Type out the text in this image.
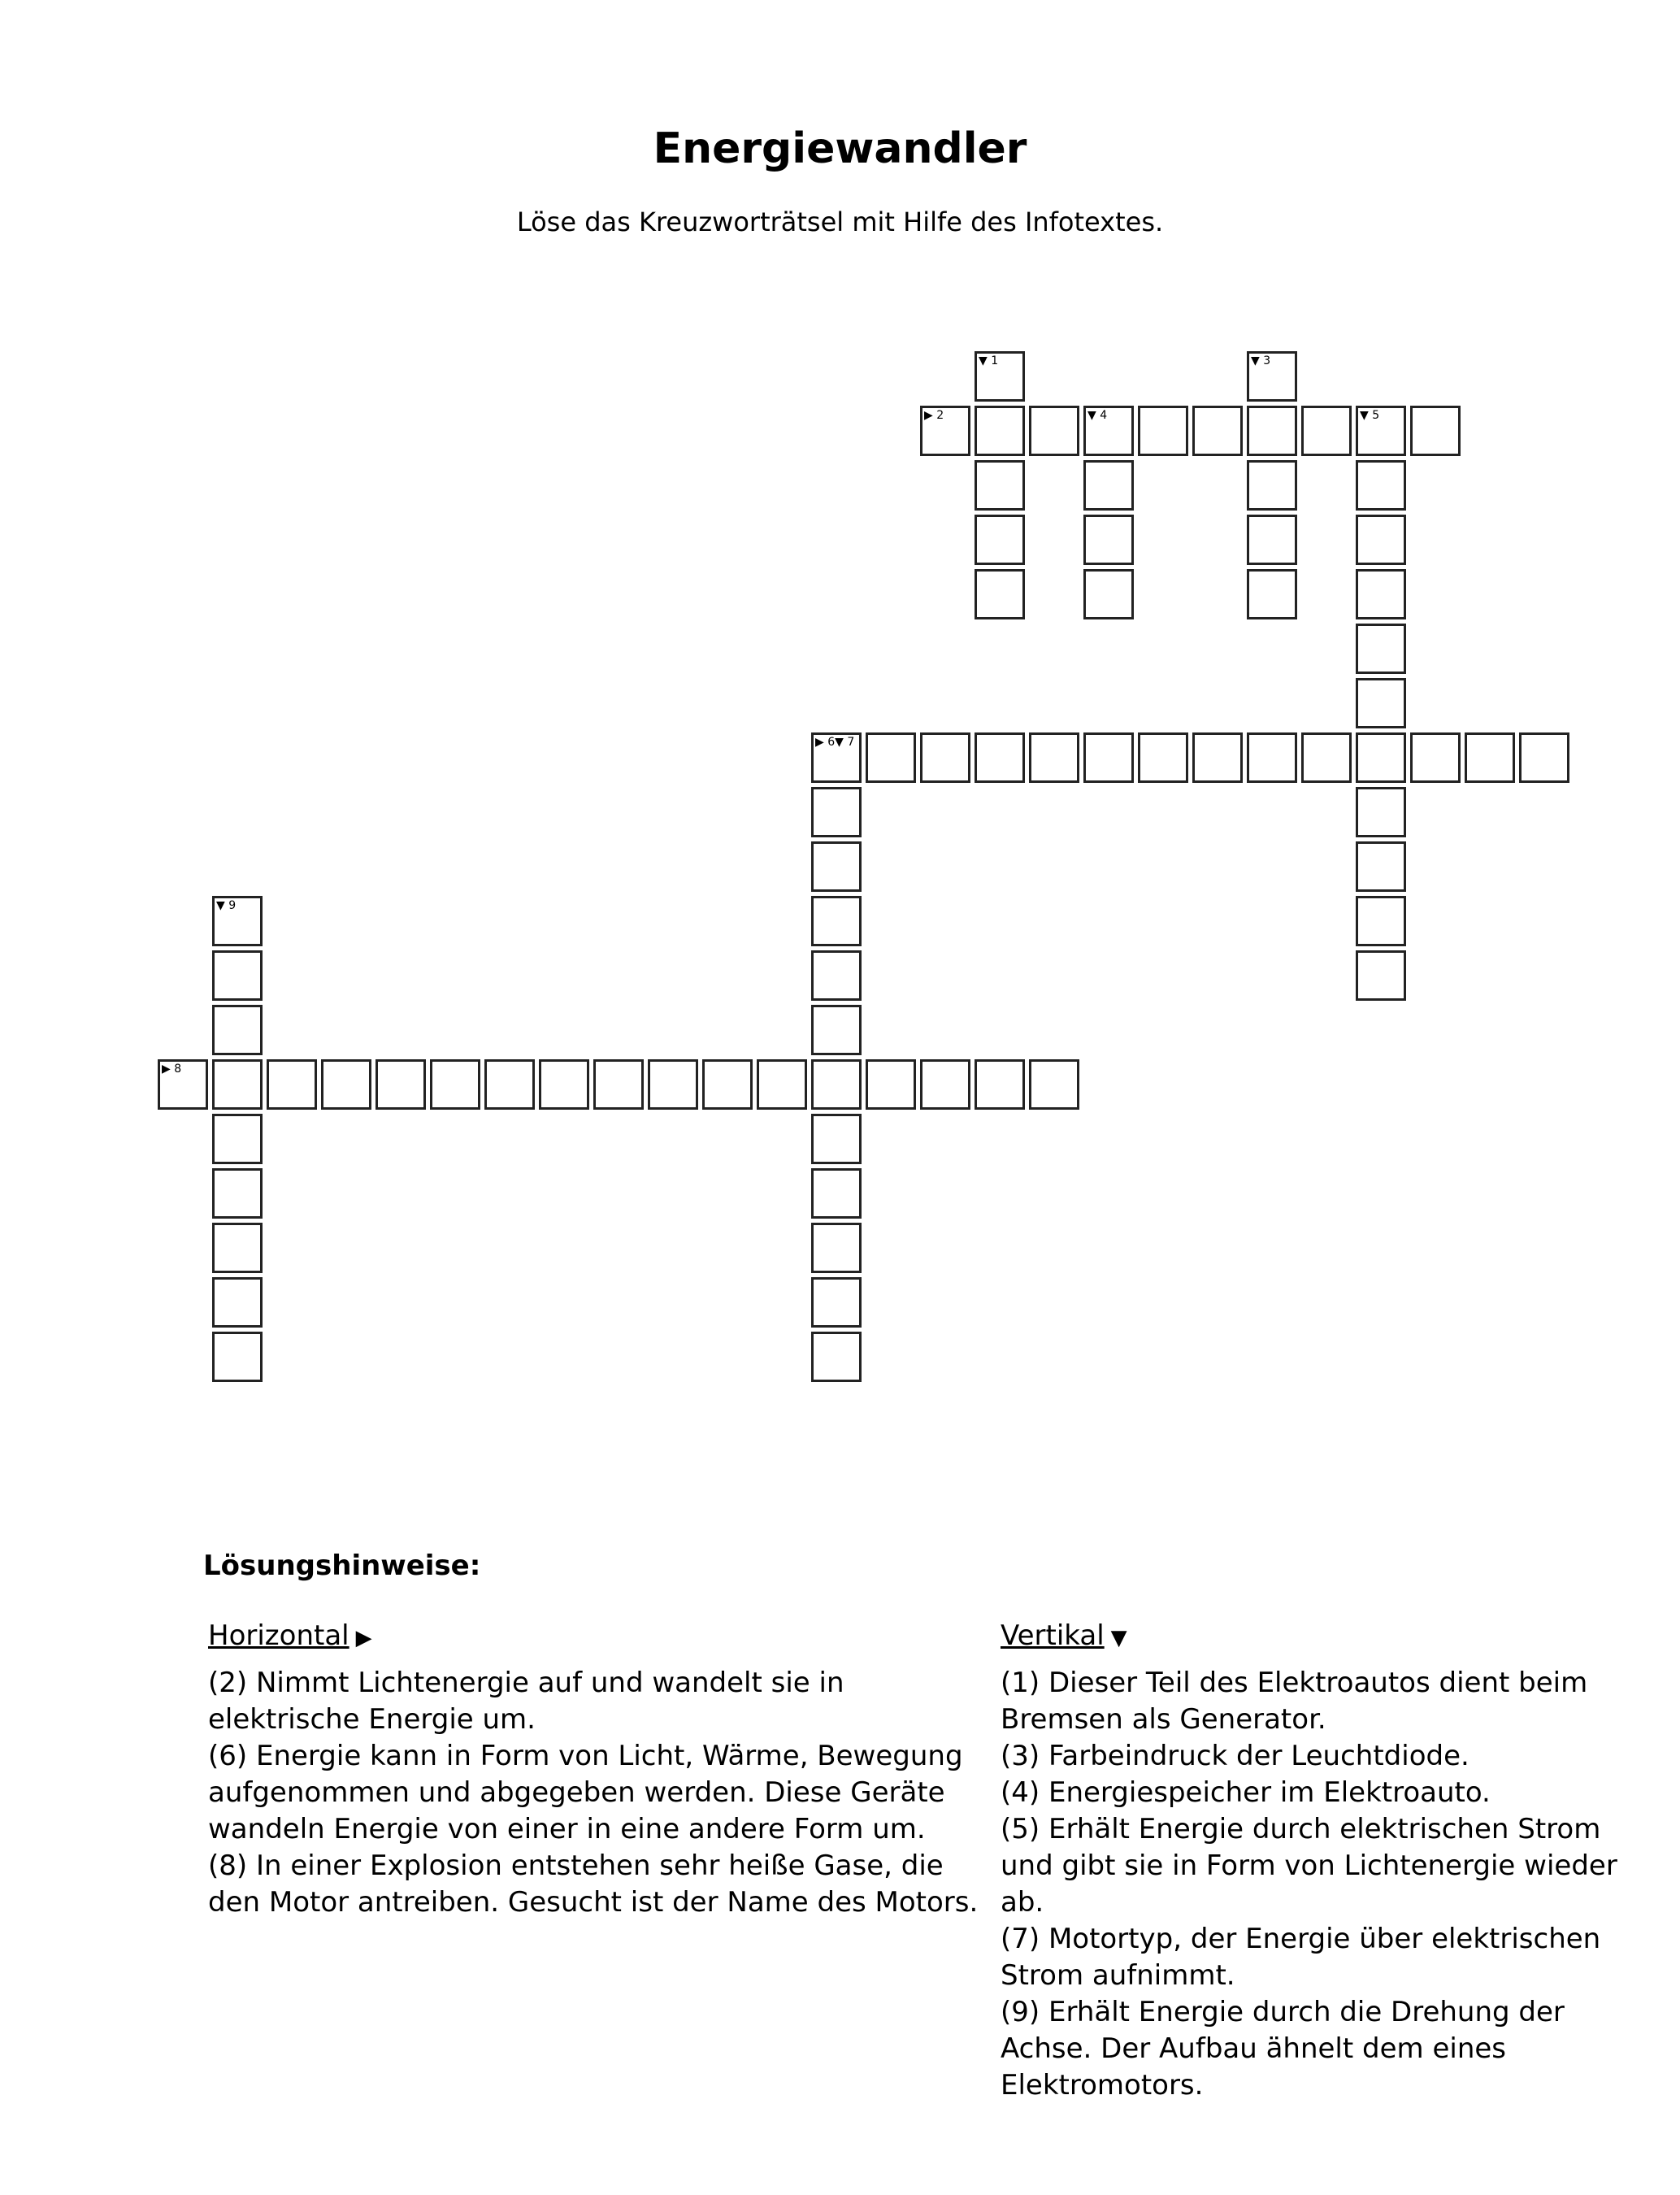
Energiewandler

Löse das Kreuzworträtsel mit Hilfe des Infotextes.

▼ 1
▶ 2	▼ 4	▼ 5
▼ 3
▶ 6▼ 7
▶ 8
▼ 9
Lösungshinweise:
Horizontal ▶

(2) Nimmt Lichtenergie auf und wandelt sie in elektrische Energie um.

(6) Energie kann in Form von Licht, Wärme, Bewegung aufgenommen und abgegeben werden. Diese Geräte wandeln Energie von einer in eine andere Form um.

(8) In einer Explosion entstehen sehr heiße Gase, die den Motor antreiben. Gesucht ist der Name des Motors.

Vertikal ▼

(1) Dieser Teil des Elektroautos dient beim Bremsen als Generator.

(3) Farbeindruck der Leuchtdiode.

(4) Energiespeicher im Elektroauto.

(5) Erhält Energie durch elektrischen Strom und gibt sie in Form von Lichtenergie wieder ab.

(7) Motortyp, der Energie über elektrischen Strom aufnimmt.

(9) Erhält Energie durch die Drehung der Achse. Der Aufbau ähnelt dem eines Elektromotors.
